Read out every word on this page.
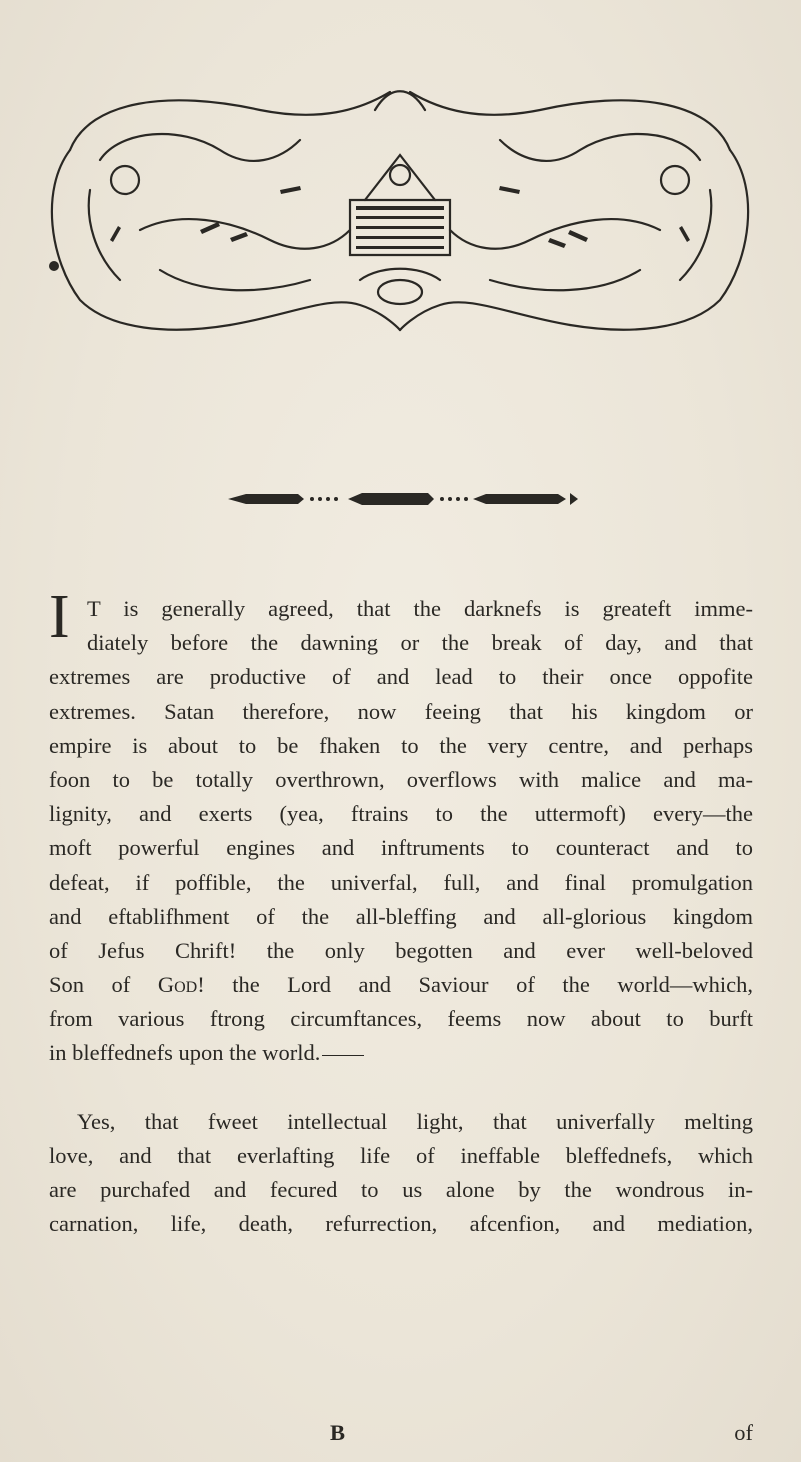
I T is generally agreed, that the darknefs is greateft imme-
diately before the dawning or the break of day, and that
extremes are productive of and lead to their once oppofite
extremes. Satan therefore, now feeing that his kingdom or
empire is about to be fhaken to the very centre, and perhaps
foon to be totally overthrown, overflows with malice and ma-
lignity, and exerts (yea, ftrains to the uttermoft) every—the
moft powerful engines and inftruments to counteract and to
defeat, if poffible, the univerfal, full, and final promulgation
and eftablifhment of the all-bleffing and all-glorious kingdom
of Jefus Chrift! the only begotten and ever well-beloved
Son of God! the Lord and Saviour of the world—which,
from various ftrong circumftances, feems now about to burft
in bleffednefs upon the world.
Yes, that fweet intellectual light, that univerfally melting
love, and that everlafting life of ineffable bleffednefs, which
are purchafed and fecured to us alone by the wondrous in-
carnation, life, death, refurrection, afcenfion, and mediation,
B	of
